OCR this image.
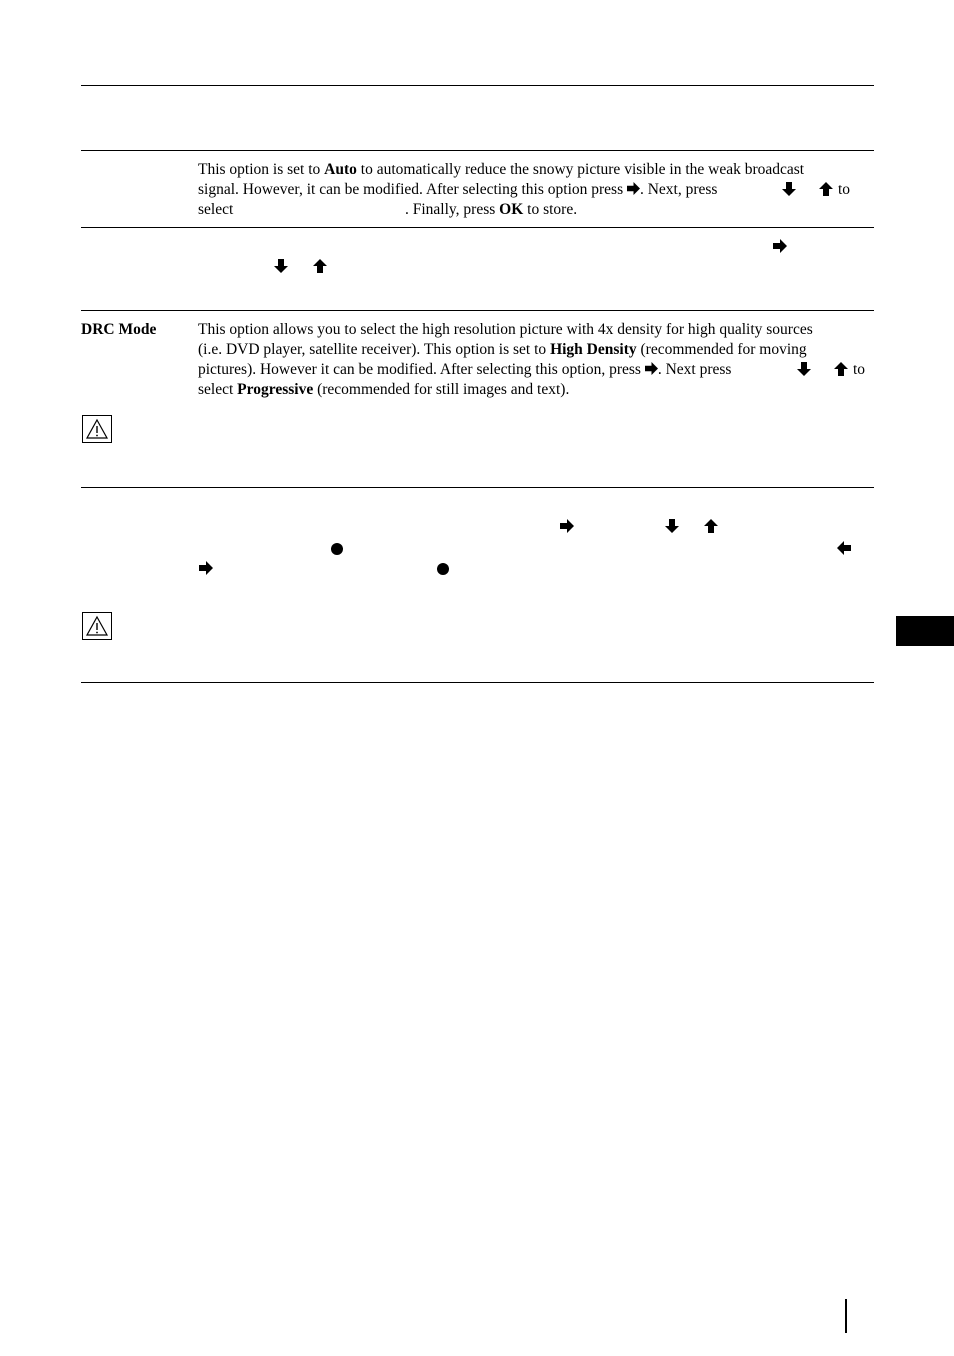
This option is set to Auto to automatically reduce the snowy picture visible in the weak broadcast
signal. However, it can be modified. After selecting this option press
. Next, press	to
select	. Finally, press OK to store.
DRC Mode	This option allows you to select the high resolution picture with 4x density for high quality sources
(i.e. DVD player, satellite receiver). This option is set to High Density (recommended for moving
pictures). However it can be modified. After selecting this option, press
. Next press	to
select Progressive (recommended for still images and text).
